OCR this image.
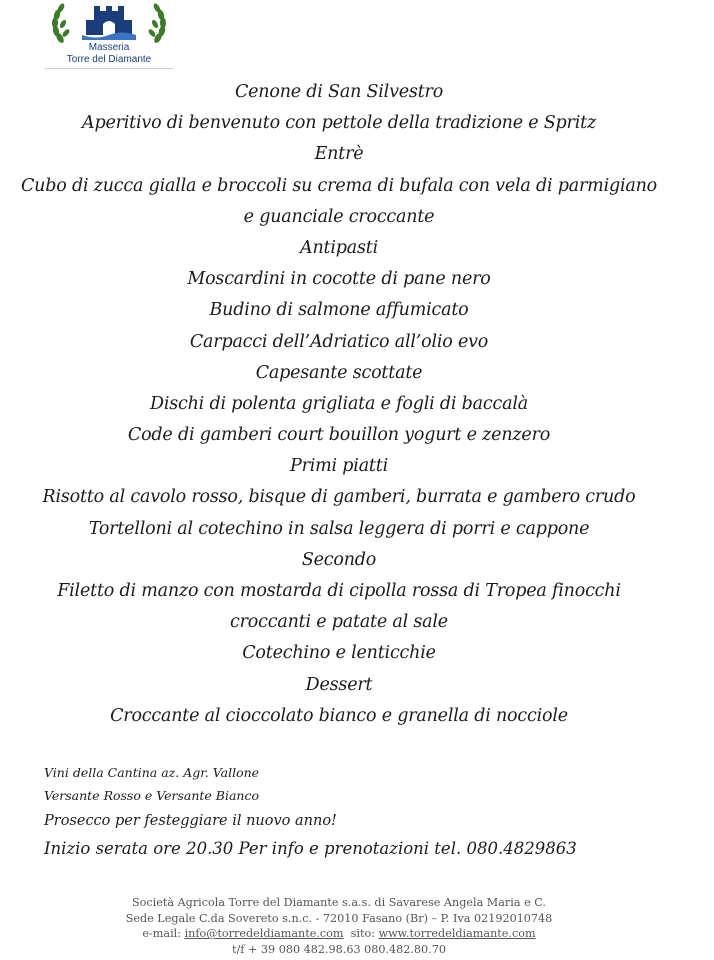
Masseria
Torre del Diamante
Cenone di San Silvestro
Aperitivo di benvenuto con pettole della tradizione e Spritz
Entrè
Cubo di zucca gialla e broccoli su crema di bufala con vela di parmigiano
e guanciale croccante
Antipasti
Moscardini in cocotte di pane nero
Budino di salmone affumicato
Carpacci dell’Adriatico all’olio evo
Capesante scottate
Dischi di polenta grigliata e fogli di baccalà
Code di gamberi court bouillon yogurt e zenzero
Primi piatti
Risotto al cavolo rosso, bisque di gamberi, burrata e gambero crudo
Tortelloni al cotechino in salsa leggera di porri e cappone
Secondo
Filetto di manzo con mostarda di cipolla rossa di Tropea finocchi
croccanti e patate al sale
Cotechino e lenticchie
Dessert
Croccante al cioccolato bianco e granella di nocciole
Vini della Cantina az. Agr. Vallone
Versante Rosso e Versante Bianco
Prosecco per festeggiare il nuovo anno!
Inizio serata ore 20.30 Per info e prenotazioni tel. 080.4829863
Società Agricola Torre del Diamante s.a.s. di Savarese Angela Maria e C.
Sede Legale C.da Sovereto s.n.c. - 72010 Fasano (Br) – P. Iva 02192010748
e-mail: info@torredeldiamante.com sito: www.torredeldiamante.com
t/f + 39 080 482.98.63 080.482.80.70
